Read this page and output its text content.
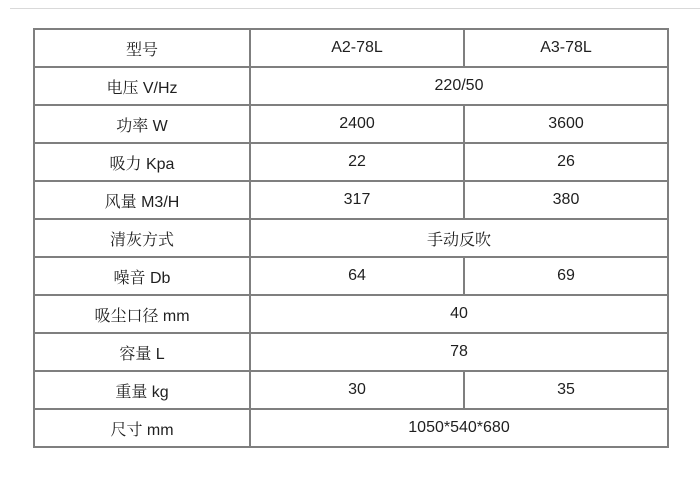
型号	A2-78L	A3-78L
电压 V/Hz	220/50	
功率 W	2400	3600
吸力 Kpa	22	26
风量 M3/H	317	380
清灰方式	手动反吹	
噪音 Db	64	69
吸尘口径 mm	40	
容量 L	78	
重量 kg	30	35
尺寸 mm	1050*540*680	
